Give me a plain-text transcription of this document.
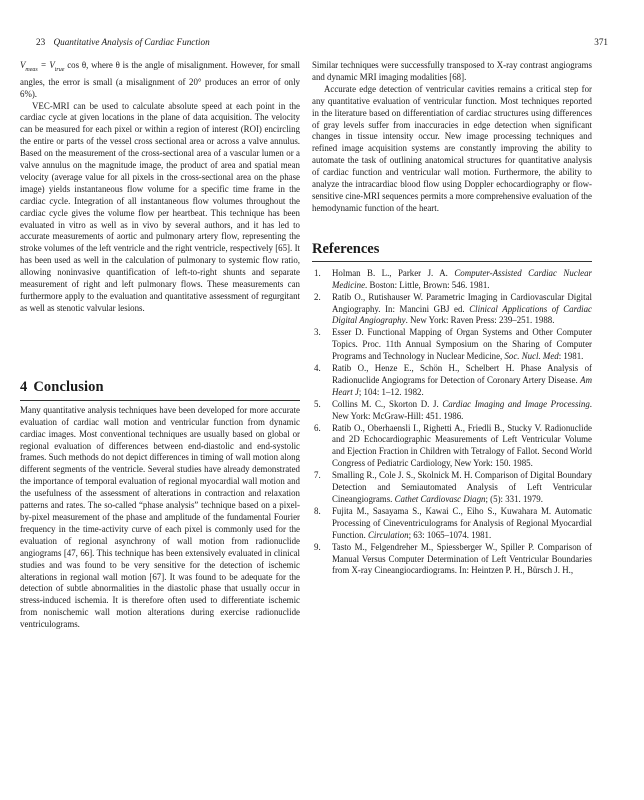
23 Quantitative Analysis of Cardiac Function	371

$V_{meas} = V_{true}$ cos θ, where θ is the angle of misalignment. However, for small angles, the error is small (a misalignment of 20° produces an error of only 6%).

VEC-MRI can be used to calculate absolute speed at each point in the cardiac cycle at given locations in the plane of data acquisition. The velocity can be measured for each pixel or within a region of interest (ROI) encircling the entire or parts of the vessel cross sectional area or across a valve annulus. Based on the measurement of the cross-sectional area of a vascular lumen or a valve annulus on the magnitude image, the product of area and spatial mean velocity (average value for all pixels in the cross-sectional area on the phase image) yields instantaneous flow volume for a specific time frame in the cardiac cycle. Integration of all instantaneous flow volumes throughout the cardiac cycle gives the volume flow per heartbeat. This technique has been evaluated in vitro as well as in vivo by several authors, and it has led to accurate measurements of aortic and pulmonary artery flow, representing the stroke volumes of the left ventricle and the right ventricle, respectively [65]. It has been used as well in the calculation of pulmonary to systemic flow ratio, allowing noninvasive quantification of left-to-right shunts and separate measurement of right and left pulmonary flows. These measurements can furthermore apply to the evaluation and quantitative assessment of regurgitant as well as stenotic valvular lesions.

4 Conclusion

Many quantitative analysis techniques have been developed for more accurate evaluation of cardiac wall motion and ventricular function from dynamic cardiac images. Most conventional techniques are usually based on global or regional evaluation of differences between end-diastolic and end-systolic frames. Such methods do not depict differences in timing of wall motion along different segments of the ventricle. Several studies have already demonstrated the importance of temporal evaluation of regional myocardial wall motion and the usefulness of the assessment of alterations in contraction and relaxation patterns and rates. The so-called “phase analysis” technique based on a pixel-by-pixel measurement of the phase and amplitude of the fundamental Fourier frequency in the time-activity curve of each pixel is commonly used for the evaluation of regional asynchrony of wall motion from radionuclide angiograms [47, 66]. This technique has been extensively evaluated in clinical studies and was found to be very sensitive for the detection of ischemic alterations in regional wall motion [67]. It was found to be adequate for the detection of subtle abnormalities in the diastolic phase that usually occur in stress-induced ischemia. It is therefore often used to differentiate ischemic from nonischemic wall motion alterations during exercise radionuclide ventriculograms.

Similar techniques were successfully transposed to X-ray contrast angiograms and dynamic MRI imaging modalities [68].

Accurate edge detection of ventricular cavities remains a critical step for any quantitative evaluation of ventricular function. Most techniques reported in the literature based on differentiation of cardiac structures using differences of gray levels suffer from inaccuracies in edge detection when significant changes in tissue intensity occur. New image processing techniques and refined image acquisition systems are constantly improving the ability to automate the task of outlining anatomical structures for quantitative analysis of cardiac function and ventricular wall motion. Furthermore, the ability to analyze the intracardiac blood flow using Doppler echocardiography or flow-sensitive cine-MRI sequences permits a more comprehensive evaluation of the hemodynamic function of the heart.

References
1. Holman B. L., Parker J. A. Computer-Assisted Cardiac Nuclear Medicine. Boston: Little, Brown: 546. 1981.
2. Ratib O., Rutishauser W. Parametric Imaging in Cardiovascular Digital Angiography. In: Mancini GBJ ed. Clinical Applications of Cardiac Digital Angiography. New York: Raven Press: 239–251. 1988.
3. Esser D. Functional Mapping of Organ Systems and Other Computer Topics. Proc. 11th Annual Symposium on the Sharing of Computer Programs and Technology in Nuclear Medicine, Soc. Nucl. Med: 1981.
4. Ratib O., Henze E., Schön H., Schelbert H. Phase Analysis of Radionuclide Angiograms for Detection of Coronary Artery Disease. Am Heart J; 104: 1–12. 1982.
5. Collins M. C., Skorton D. J. Cardiac Imaging and Image Processing. New York: McGraw-Hill: 451. 1986.
6. Ratib O., Oberhaensli I., Righetti A., Friedli B., Stucky V. Radionuclide and 2D Echocardiographic Measurements of Left Ventricular Volume and Ejection Fraction in Children with Tetralogy of Fallot. Second World Congress of Pediatric Cardiology, New York: 150. 1985.
7. Smalling R., Cole J. S., Skolnick M. H. Comparison of Digital Boundary Detection and Semiautomated Analysis of Left Ventricular Cineangiograms. Cathet Cardiovasc Diagn; (5): 331. 1979.
8. Fujita M., Sasayama S., Kawai C., Eiho S., Kuwahara M. Automatic Processing of Cineventriculograms for Analysis of Regional Myocardial Function. Circulation; 63: 1065–1074. 1981.
9. Tasto M., Felgendreher M., Spiessberger W., Spiller P. Comparison of Manual Versus Computer Determination of Left Ventricular Boundaries from X-ray Cineangiocardiograms. In: Heintzen P. H., Bürsch J. H.,
